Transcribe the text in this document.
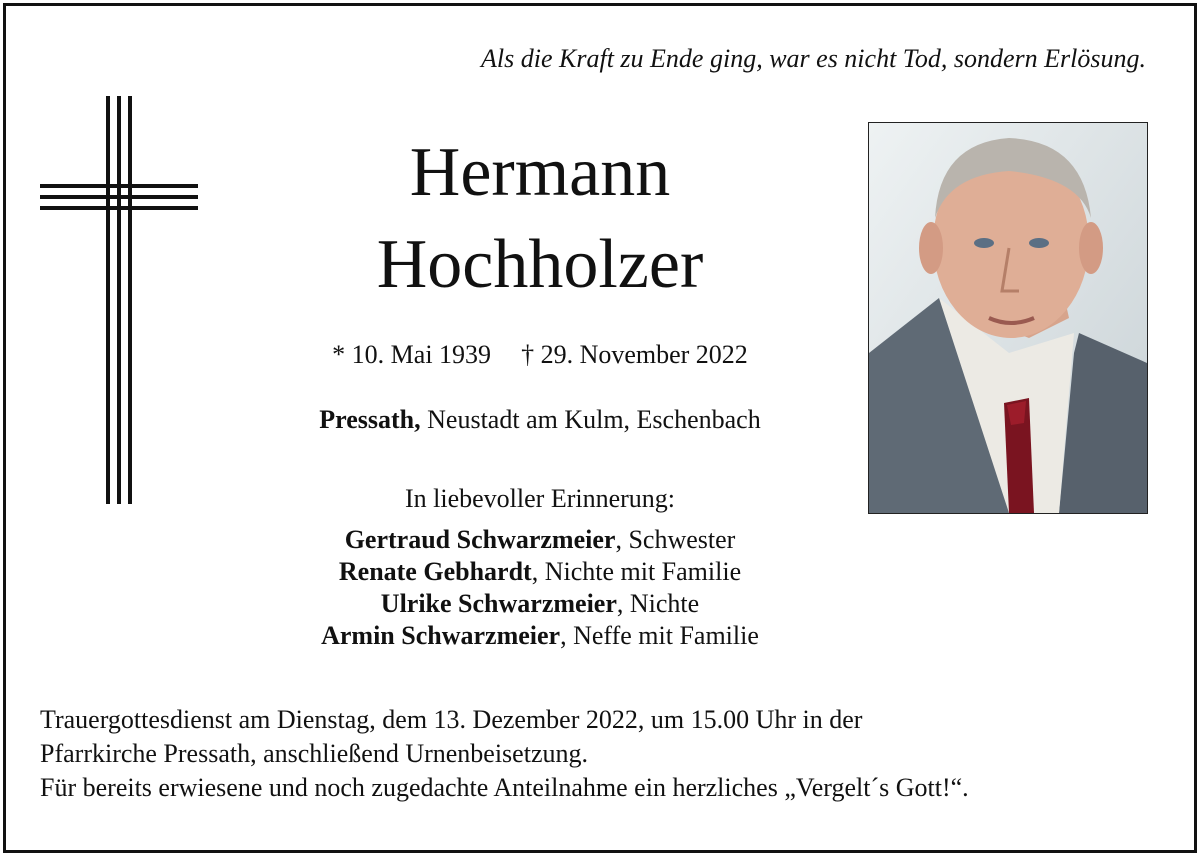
Als die Kraft zu Ende ging, war es nicht Tod, sondern Erlösung.
Hermann
Hochholzer
* 10. Mai 1939 † 29. November 2022
Pressath, Neustadt am Kulm, Eschenbach
In liebevoller Erinnerung:
Gertraud Schwarzmeier, Schwester
Renate Gebhardt, Nichte mit Familie
Ulrike Schwarzmeier, Nichte
Armin Schwarzmeier, Neffe mit Familie
Trauergottesdienst am Dienstag, dem 13. Dezember 2022, um 15.00 Uhr in der
Pfarrkirche Pressath, anschließend Urnenbeisetzung.
Für bereits erwiesene und noch zugedachte Anteilnahme ein herzliches „Vergelt´s Gott!“.
